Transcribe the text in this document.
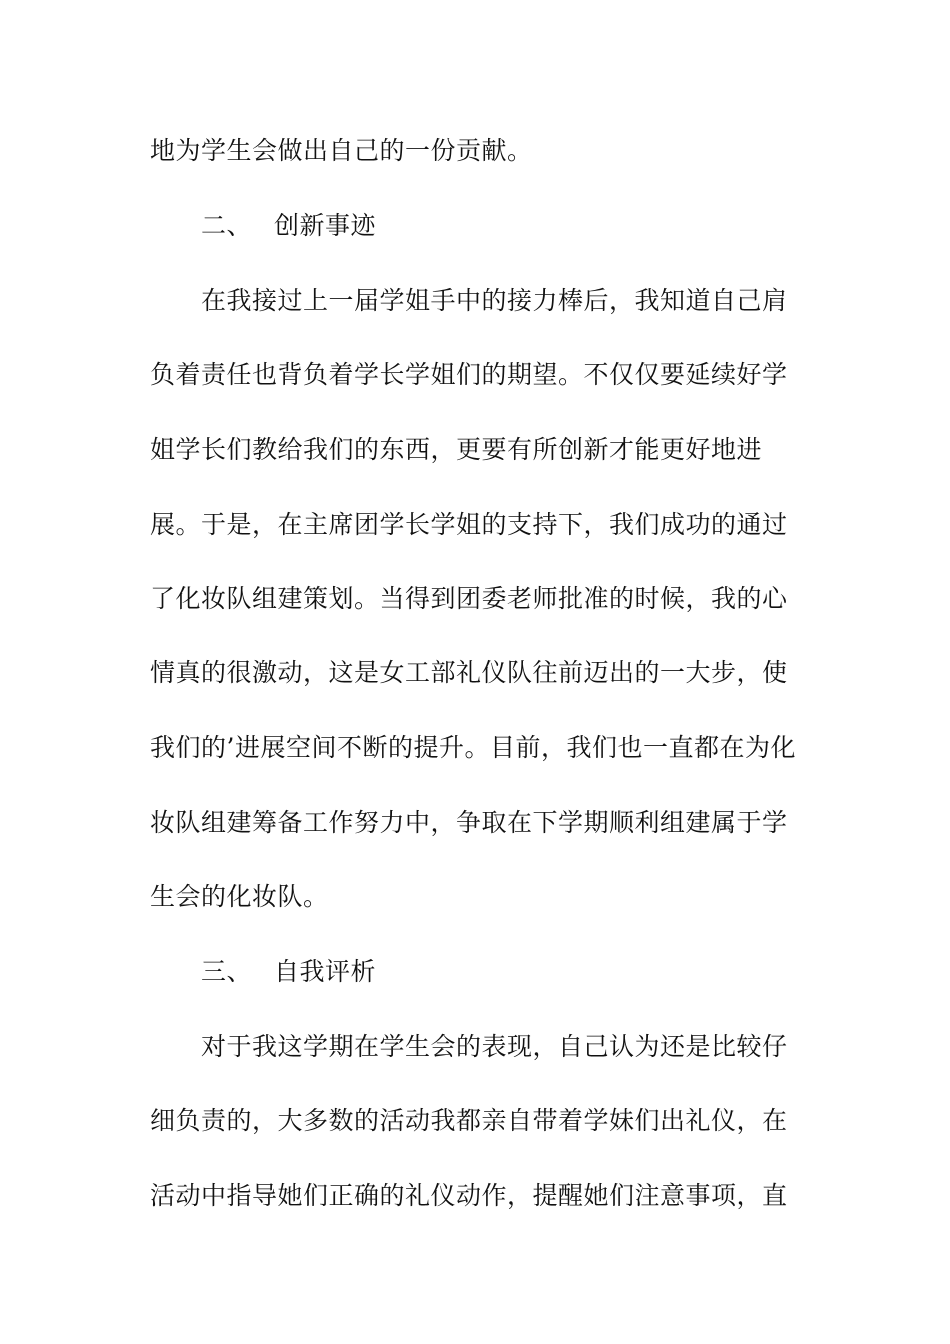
地为学生会做出自己的一份贡献。

二、 创新事迹

在我接过上一届学姐手中的接力棒后，我知道自己肩

负着责任也背负着学长学姐们的期望。不仅仅要延续好学

姐学长们教给我们的东西，更要有所创新才能更好地进

展。于是，在主席团学长学姐的支持下，我们成功的通过

了化妆队组建策划。当得到团委老师批准的时候，我的心

情真的很激动，这是女工部礼仪队往前迈出的一大步，使

我们的’进展空间不断的提升。目前，我们也一直都在为化

妆队组建筹备工作努力中，争取在下学期顺利组建属于学

生会的化妆队。

三、 自我评析

对于我这学期在学生会的表现，自己认为还是比较仔

细负责的，大多数的活动我都亲自带着学妹们出礼仪，在

活动中指导她们正确的礼仪动作，提醒她们注意事项，直
